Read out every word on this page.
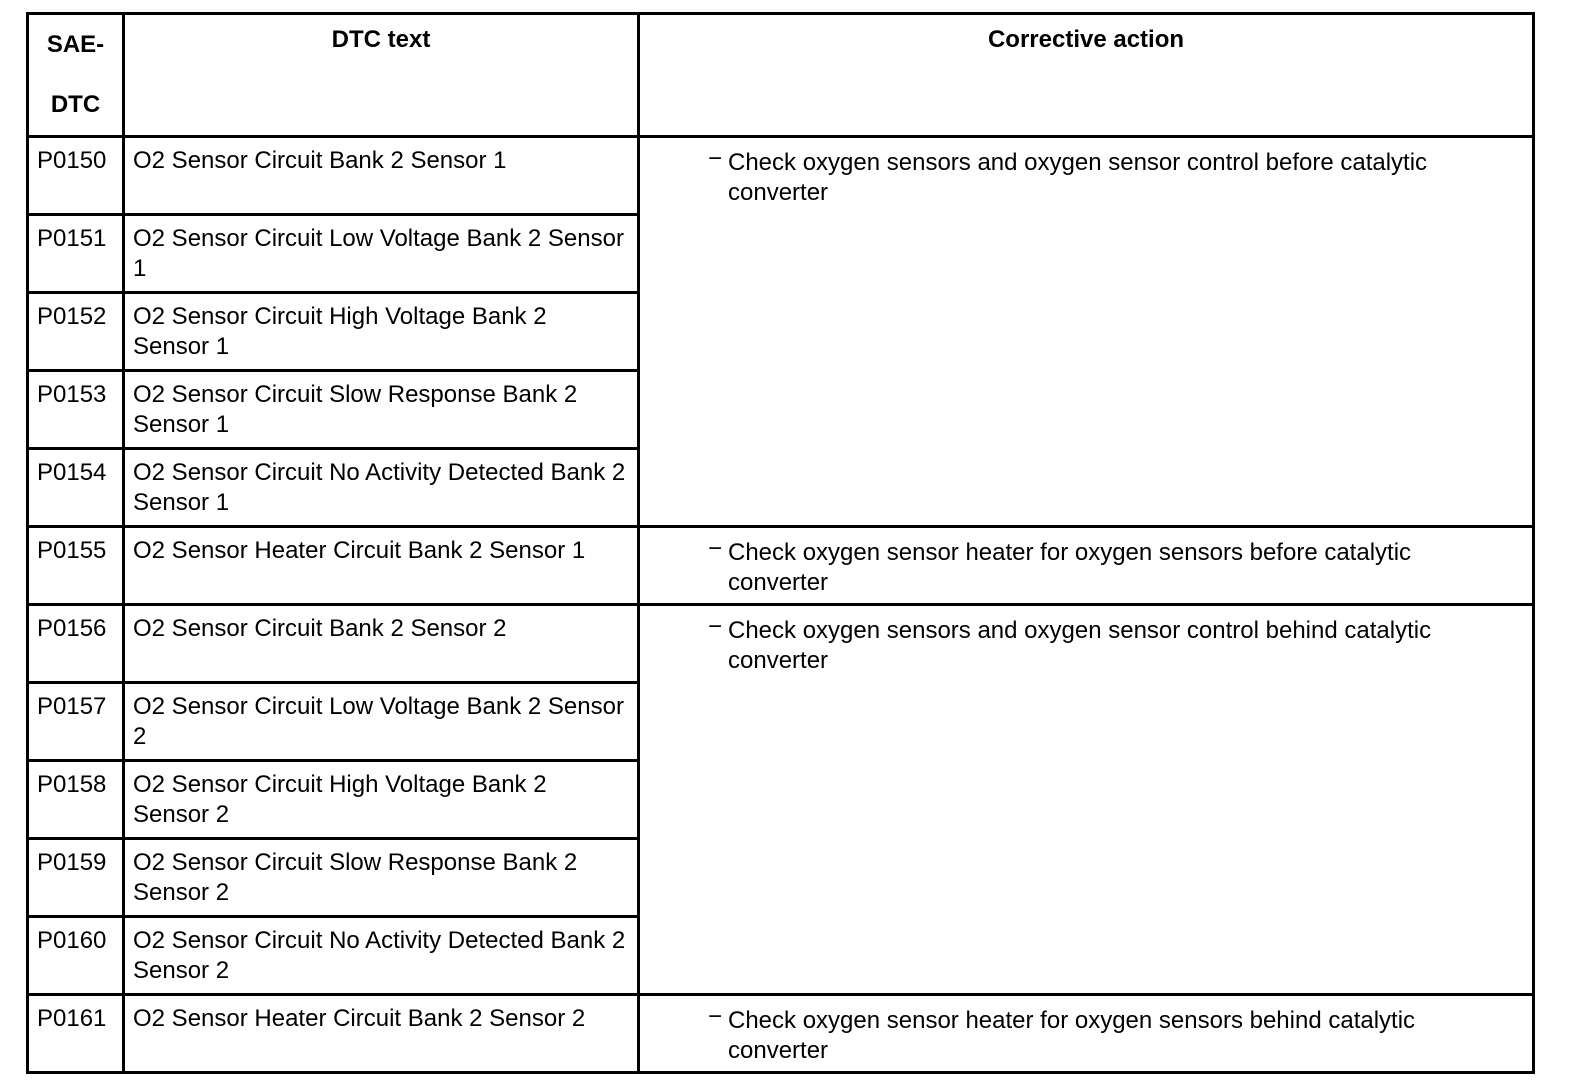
SAE-
DTC	DTC text	Corrective action

P0150	O2 Sensor Circuit Bank 2 Sensor 1	− Check oxygen sensors and oxygen sensor control before catalytic converter

P0151	O2 Sensor Circuit Low Voltage Bank 2 Sensor 1	

P0152	O2 Sensor Circuit High Voltage Bank 2 Sensor 1	

P0153	O2 Sensor Circuit Slow Response Bank 2 Sensor 1	

P0154	O2 Sensor Circuit No Activity Detected Bank 2 Sensor 1	

P0155	O2 Sensor Heater Circuit Bank 2 Sensor 1	− Check oxygen sensor heater for oxygen sensors before catalytic converter

P0156	O2 Sensor Circuit Bank 2 Sensor 2	− Check oxygen sensors and oxygen sensor control behind catalytic converter

P0157	O2 Sensor Circuit Low Voltage Bank 2 Sensor 2	

P0158	O2 Sensor Circuit High Voltage Bank 2 Sensor 2	

P0159	O2 Sensor Circuit Slow Response Bank 2 Sensor 2	

P0160	O2 Sensor Circuit No Activity Detected Bank 2 Sensor 2	

P0161	O2 Sensor Heater Circuit Bank 2 Sensor 2	− Check oxygen sensor heater for oxygen sensors behind catalytic converter
